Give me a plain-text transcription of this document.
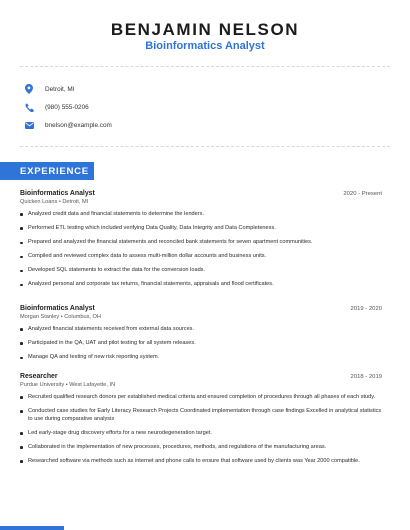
BENJAMIN NELSON
Bioinformatics Analyst
Detroit, MI
(980) 555-0206
bnelson@example.com
EXPERIENCE
Bioinformatics Analyst	2020 - Present
Quicken Loans • Detroit, MI
Analyzed credit data and financial statements to determine the lenders.
Performed ETL testing which included verifying Data Quality, Data Integrity and Data Completeness.
Prepared and analyzed the financial statements and reconciled bank statements for seven apartment communities.
Compiled and reviewed complex data to assess multi-million dollar accounts and business units.
Developed SQL statements to extract the data for the conversion loads.
Analyzed personal and corporate tax returns, financial statements, appraisals and flood certificates.
Bioinformatics Analyst	2019 - 2020
Morgan Stanley • Columbus, OH
Analyzed financial statements received from external data sources.
Participated in the QA, UAT and pilot testing for all system releases.
Manage QA and testing of new risk reporting system.
Researcher	2018 - 2019
Purdue University • West Lafayette, IN
Recruited qualified research donors per established medical criteria and ensured completion of procedures through all phases of each study.
Conducted case studies for Early Literacy Research Projects Coordinated implementation through case findings Excelled in analytical statistics to use during comparative analysis
Led early-stage drug discovery efforts for a new neurodegeneration target.
Collaborated in the implementation of new processes, procedures, methods, and regulations of the manufacturing areas.
Researched software via methods such as internet and phone calls to ensure that software used by clients was Year 2000 compatible.
